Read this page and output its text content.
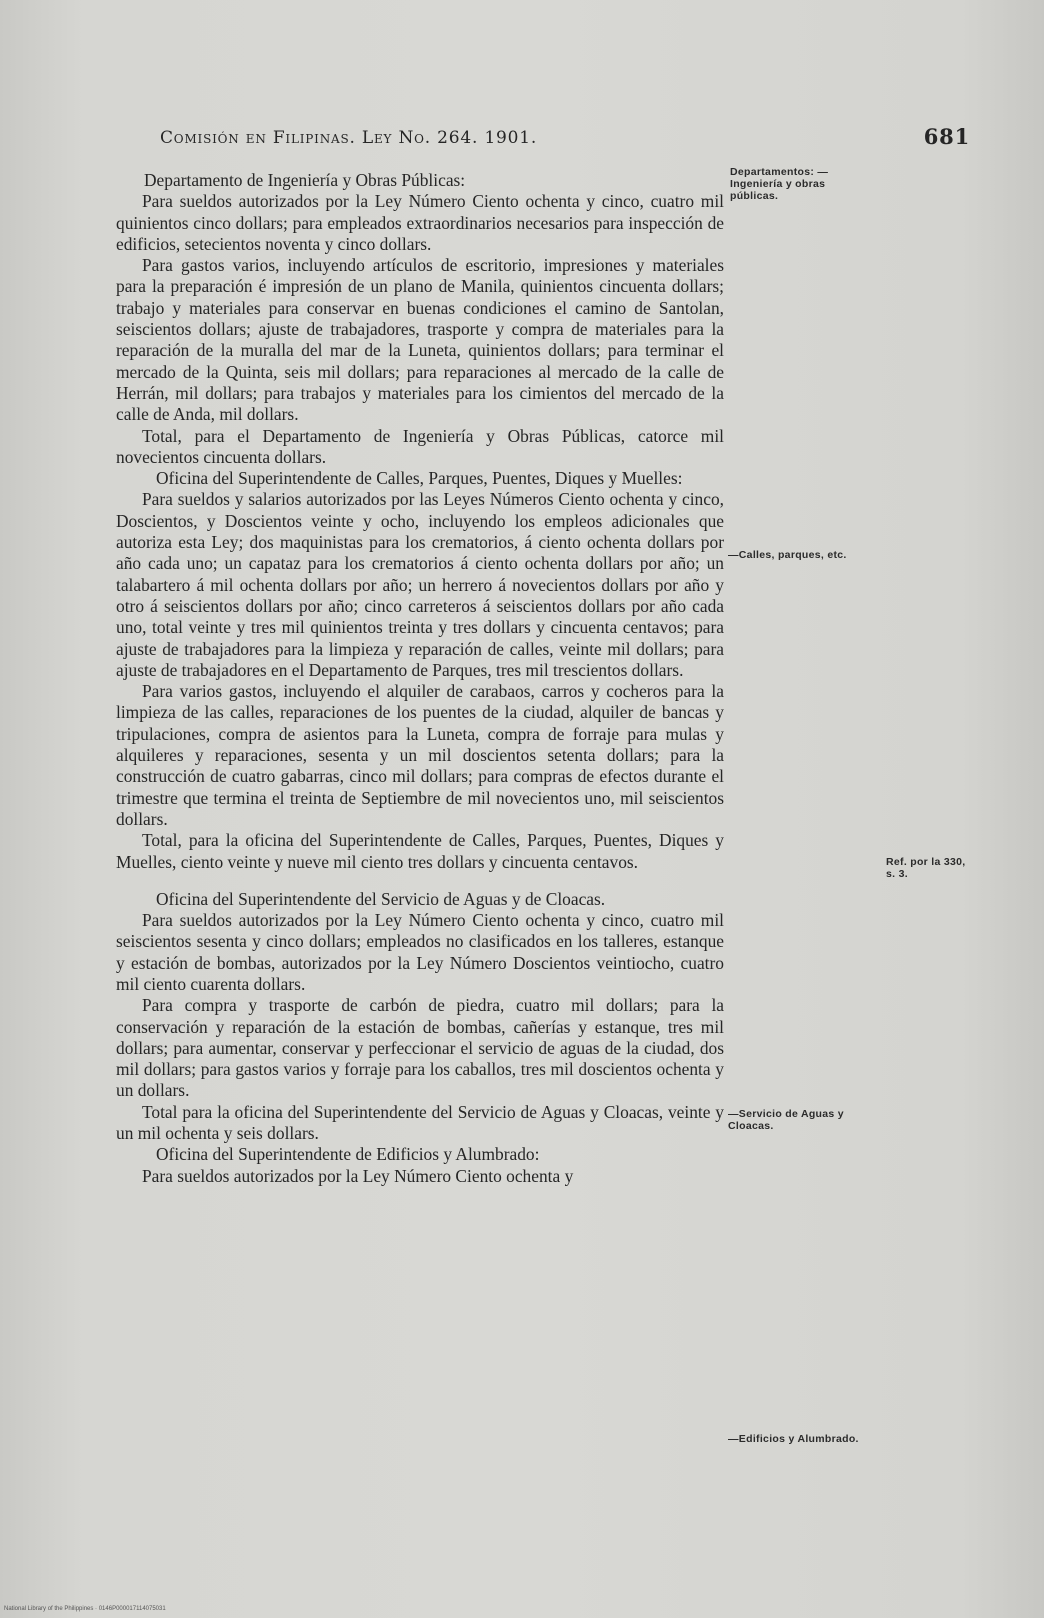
Comisión en Filipinas. Ley No. 264. 1901.	681

Departamento de Ingeniería y Obras Públicas:

Para sueldos autorizados por la Ley Número Ciento ochenta y cinco, cuatro mil quinientos cinco dollars; para empleados extraordinarios necesarios para inspección de edificios, setecientos noventa y cinco dollars.

Para gastos varios, incluyendo artículos de escritorio, impresiones y materiales para la preparación é impresión de un plano de Manila, quinientos cincuenta dollars; trabajo y materiales para conservar en buenas condiciones el camino de Santolan, seiscientos dollars; ajuste de trabajadores, trasporte y compra de materiales para la reparación de la muralla del mar de la Luneta, quinientos dollars; para terminar el mercado de la Quinta, seis mil dollars; para reparaciones al mercado de la calle de Herrán, mil dollars; para trabajos y materiales para los cimientos del mercado de la calle de Anda, mil dollars.

Total, para el Departamento de Ingeniería y Obras Públicas, catorce mil novecientos cincuenta dollars.

Oficina del Superintendente de Calles, Parques, Puentes, Diques y Muelles:

Para sueldos y salarios autorizados por las Leyes Números Ciento ochenta y cinco, Doscientos, y Doscientos veinte y ocho, incluyendo los empleos adicionales que autoriza esta Ley; dos maquinistas para los crematorios, á ciento ochenta dollars por año cada uno; un capataz para los crematorios á ciento ochenta dollars por año; un talabartero á mil ochenta dollars por año; un herrero á novecientos dollars por año y otro á seiscientos dollars por año; cinco carreteros á seiscientos dollars por año cada uno, total veinte y tres mil quinientos treinta y tres dollars y cincuenta centavos; para ajuste de trabajadores para la limpieza y reparación de calles, veinte mil dollars; para ajuste de trabajadores en el Departamento de Parques, tres mil trescientos dollars.

Para varios gastos, incluyendo el alquiler de carabaos, carros y cocheros para la limpieza de las calles, reparaciones de los puentes de la ciudad, alquiler de bancas y tripulaciones, compra de asientos para la Luneta, compra de forraje para mulas y alquileres y reparaciones, sesenta y un mil doscientos setenta dollars; para la construcción de cuatro gabarras, cinco mil dollars; para compras de efectos durante el trimestre que termina el treinta de Septiembre de mil novecientos uno, mil seiscientos dollars.

Total, para la oficina del Superintendente de Calles, Parques, Puentes, Diques y Muelles, ciento veinte y nueve mil ciento tres dollars y cincuenta centavos.

Oficina del Superintendente del Servicio de Aguas y de Cloacas.

Para sueldos autorizados por la Ley Número Ciento ochenta y cinco, cuatro mil seiscientos sesenta y cinco dollars; empleados no clasificados en los talleres, estanque y estación de bombas, autorizados por la Ley Número Doscientos veintiocho, cuatro mil ciento cuarenta dollars.

Para compra y trasporte de carbón de piedra, cuatro mil dollars; para la conservación y reparación de la estación de bombas, cañerías y estanque, tres mil dollars; para aumentar, conservar y perfeccionar el servicio de aguas de la ciudad, dos mil dollars; para gastos varios y forraje para los caballos, tres mil doscientos ochenta y un dollars.

Total para la oficina del Superintendente del Servicio de Aguas y Cloacas, veinte y un mil ochenta y seis dollars.

Oficina del Superintendente de Edificios y Alumbrado:

Para sueldos autorizados por la Ley Número Ciento ochenta y

Departamentos: —Ingeniería y obras públicas.
—Calles, parques, etc.
Ref. por la 330, s. 3.
—Servicio de Aguas y Cloacas.
—Edificios y Alumbrado.
National Library of the Philippines · 0146P000017114075031
